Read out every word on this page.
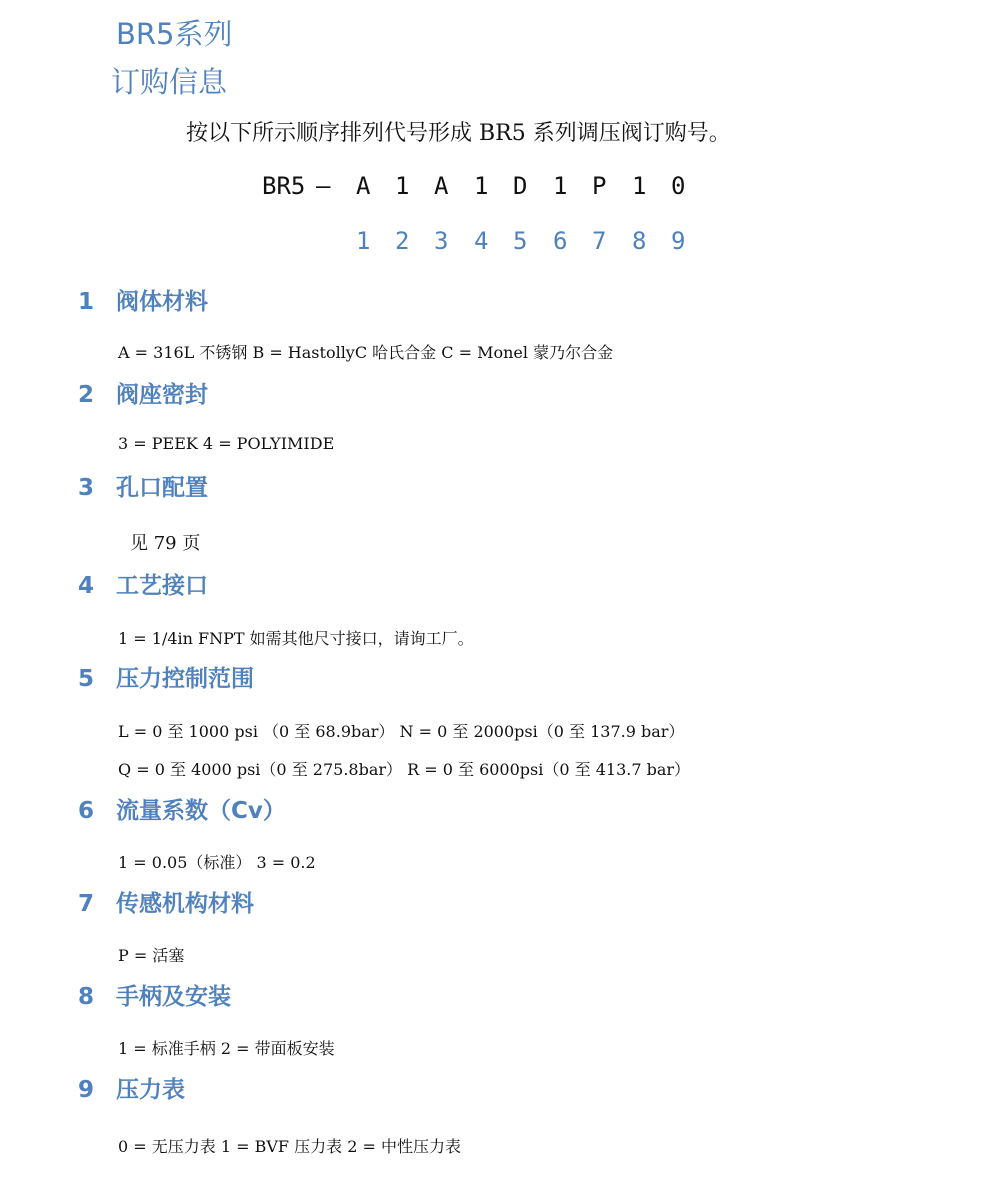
BR5系列
订购信息
按以下所示顺序排列代号形成 BR5 系列调压阀订购号。
BR5 — A 1 A 1 D 1 P 1 0
1 2 3 4 5 6 7 8 9
1 阀体材料
A = 316L 不锈钢 B = HastollyC 哈氏合金 C = Monel 蒙乃尔合金
2 阀座密封
3 = PEEK 4 = POLYIMIDE
3 孔口配置
见 79 页
4 工艺接口
1 = 1/4in FNPT 如需其他尺寸接口，请询工厂。
5 压力控制范围
L = 0 至 1000 psi （0 至 68.9bar） N = 0 至 2000psi（0 至 137.9 bar）
Q = 0 至 4000 psi（0 至 275.8bar） R = 0 至 6000psi（0 至 413.7 bar）
6 流量系数（Cv）
1 = 0.05（标准） 3 = 0.2
7 传感机构材料
P = 活塞
8 手柄及安装
1 = 标准手柄 2 = 带面板安装
9 压力表
0 = 无压力表 1 = BVF 压力表 2 = 中性压力表
